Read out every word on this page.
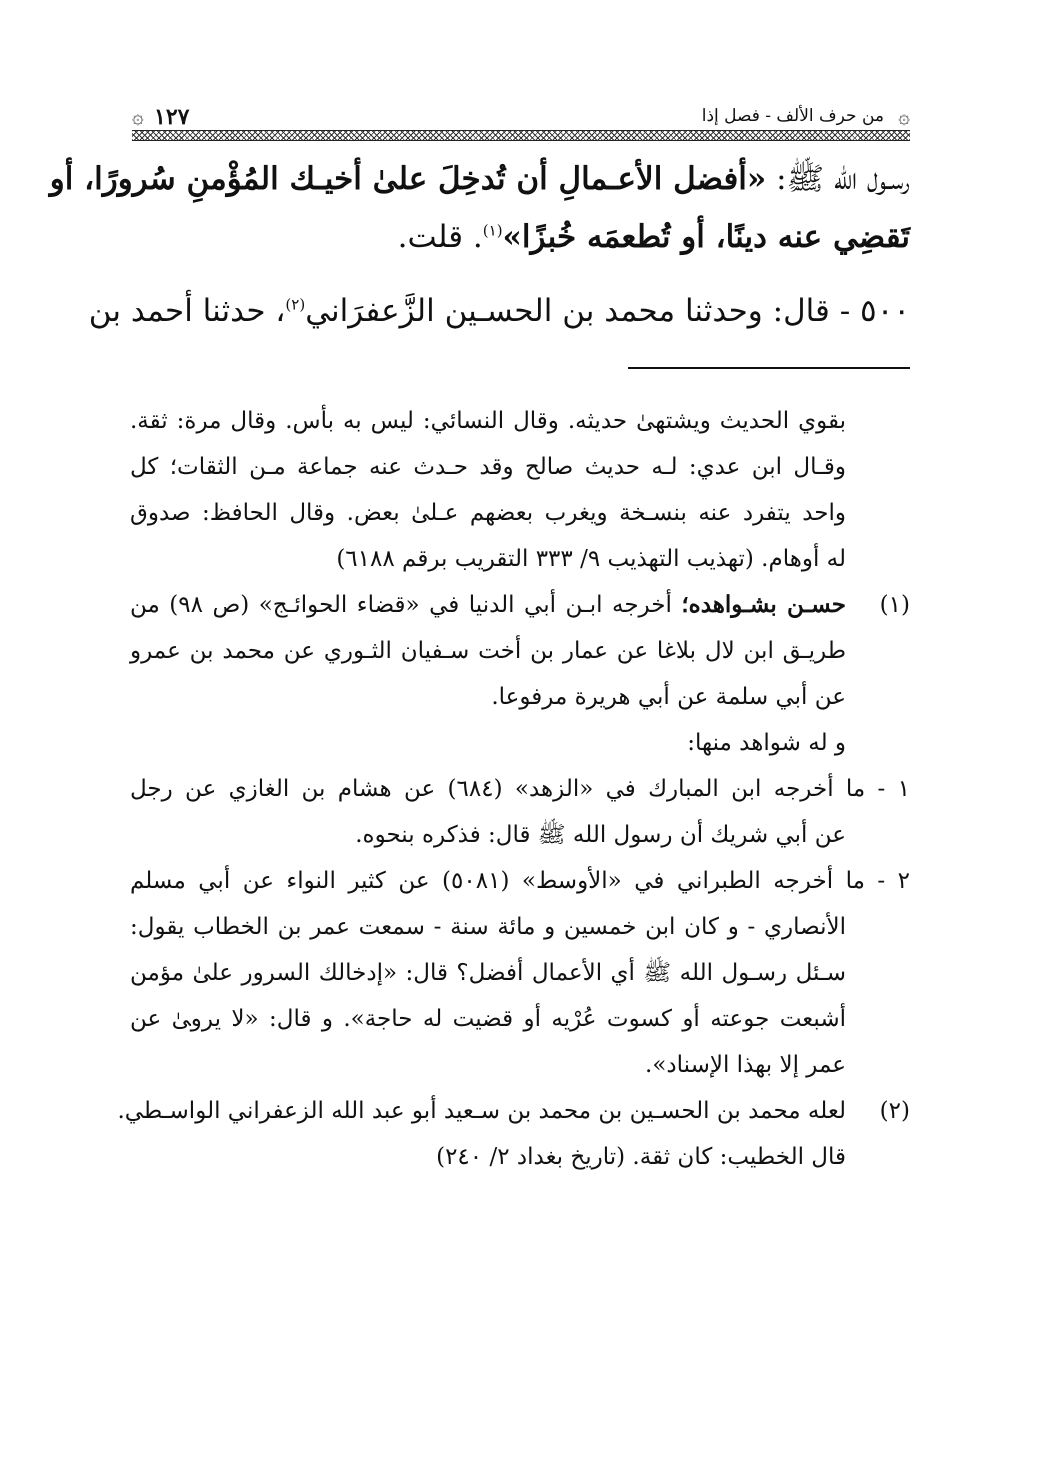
۞ ١٢٧	من حرف الألف - فصل إذا ۞
رسـول الله ﷺ: «أفضل الأعـمالِ أن تُدخِلَ علىٰ أخيـك المُؤْمنِ سُرورًا، أو
تَقضِي عنه دينًا، أو تُطعمَه خُبزًا»$^{(١)}$. قلت.
٥٠٠ - قال: وحدثنا محمد بن الحسـين الزَّعفرَاني$^{(٢)}$، حدثنا أحمد بن
بقوي الحديث ويشتهىٰ حديثه. وقال النسائي: ليس به بأس. وقال مرة: ثقة.
وقـال ابن عدي: لـه حديث صالح وقد حـدث عنه جماعة مـن الثقات؛ كل
واحد يتفرد عنه بنسـخة ويغرب بعضهم عـلىٰ بعض. وقال الحافظ: صدوق
له أوهام. (تهذيب التهذيب ٩/ ٣٣٣ التقريب برقم ٦١٨٨)
(١)
حسـن بشـواهده؛ أخرجه ابـن أبي الدنيا في «قضاء الحوائـج» (ص ٩٨) من
طريـق ابن لال بلاغا عن عمار بن أخت سـفيان الثـوري عن محمد بن عمرو
عن أبي سلمة عن أبي هريرة مرفوعا.
و له شواهد منها:
١ - ما أخرجه ابن المبارك في «الزهد» (٦٨٤) عن هشام بن الغازي عن رجل
عن أبي شريك أن رسول الله ﷺ قال: فذكره بنحوه.
٢ - ما أخرجه الطبراني في «الأوسط» (٥٠٨١) عن كثير النواء عن أبي مسلم
الأنصاري - و كان ابن خمسين و مائة سنة - سمعت عمر بن الخطاب يقول:
سـئل رسـول الله ﷺ أي الأعمال أفضل؟ قال: «إدخالك السرور علىٰ مؤمن
أشبعت جوعته أو كسوت عُرْيه أو قضيت له حاجة». و قال: «لا يرو‍ىٰ عن
عمر إلا بهذا الإسناد».
(٢)
لعله محمد بن الحسـين بن محمد بن سـعيد أبو عبد الله الزعفراني الواسـطي.
قال الخطيب: كان ثقة. (تاريخ بغداد ٢/ ٢٤٠)
